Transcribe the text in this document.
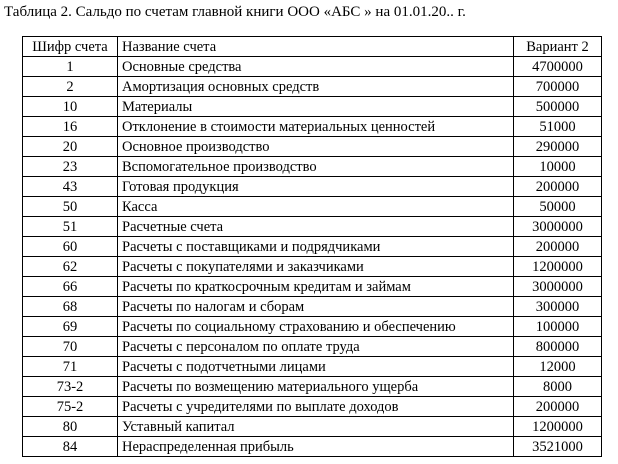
Таблица 2. Сальдо по счетам главной книги ООО «АБС » на 01.01.20.. г.
Шифр счета	Название счета	Вариант 2
1	Основные средства	4700000
2	Амортизация основных средств	700000
10	Материалы	500000
16	Отклонение в стоимости материальных ценностей	51000
20	Основное производство	290000
23	Вспомогательное производство	10000
43	Готовая продукция	200000
50	Касса	50000
51	Расчетные счета	3000000
60	Расчеты с поставщиками и подрядчиками	200000
62	Расчеты с покупателями и заказчиками	1200000
66	Расчеты по краткосрочным кредитам и займам	3000000
68	Расчеты по налогам и сборам	300000
69	Расчеты по социальному страхованию и обеспечению	100000
70	Расчеты с персоналом по оплате труда	800000
71	Расчеты с подотчетными лицами	12000
73-2	Расчеты по возмещению материального ущерба	8000
75-2	Расчеты с учредителями по выплате доходов	200000
80	Уставный капитал	1200000
84	Нераспределенная прибыль	3521000
